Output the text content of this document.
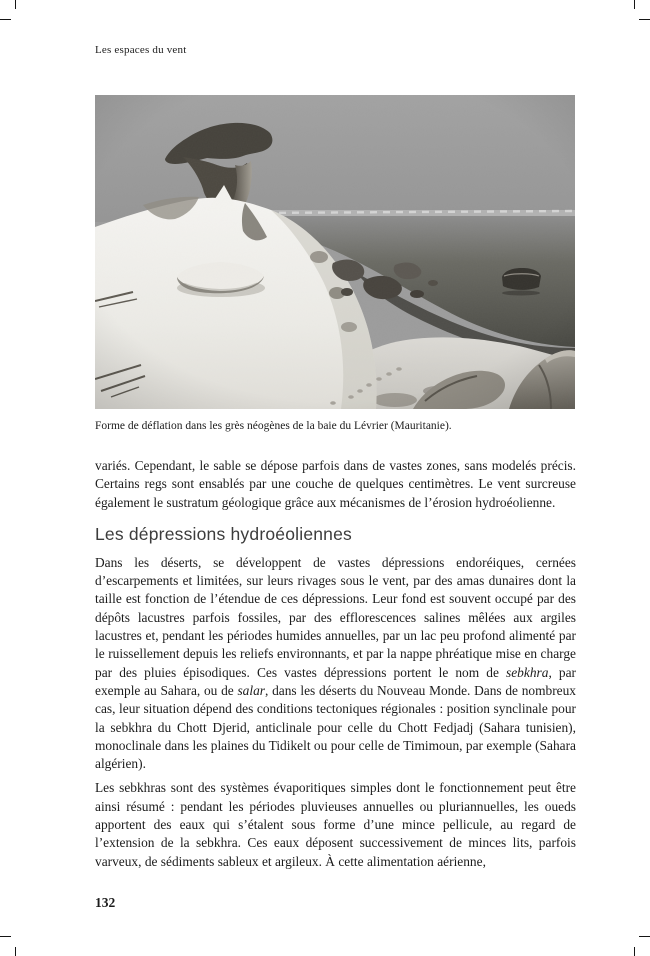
Les espaces du vent
Forme de déflation dans les grès néogènes de la baie du Lévrier (Mauritanie).

variés. Cependant, le sable se dépose parfois dans de vastes zones, sans modelés précis. Certains regs sont ensablés par une couche de quelques centimètres. Le vent surcreuse également le sustratum géologique grâce aux mécanismes de l’érosion hydroéolienne.

Les dépressions hydroéoliennes

Dans les déserts, se développent de vastes dépressions endoréiques, cernées d’escarpements et limitées, sur leurs rivages sous le vent, par des amas dunaires dont la taille est fonction de l’étendue de ces dépressions. Leur fond est souvent occupé par des dépôts lacustres parfois fossiles, par des efflorescences salines mêlées aux argiles lacustres et, pendant les périodes humides annuelles, par un lac peu profond alimenté par le ruissellement depuis les reliefs environnants, et par la nappe phréatique mise en charge par des pluies épisodiques. Ces vastes dépressions portent le nom de sebkhra, par exemple au Sahara, ou de salar, dans les déserts du Nouveau Monde. Dans de nombreux cas, leur situation dépend des conditions tectoniques régionales : position synclinale pour la sebkhra du Chott Djerid, anticlinale pour celle du Chott Fedjadj (Sahara tunisien), monoclinale dans les plaines du Tidikelt ou pour celle de Timimoun, par exemple (Sahara algérien).

Les sebkhras sont des systèmes évaporitiques simples dont le fonctionnement peut être ainsi résumé : pendant les périodes pluvieuses annuelles ou pluriannuelles, les oueds apportent des eaux qui s’étalent sous forme d’une mince pellicule, au regard de l’extension de la sebkhra. Ces eaux déposent successivement de minces lits, parfois varveux, de sédiments sableux et argileux. À cette alimentation aérienne,

132
